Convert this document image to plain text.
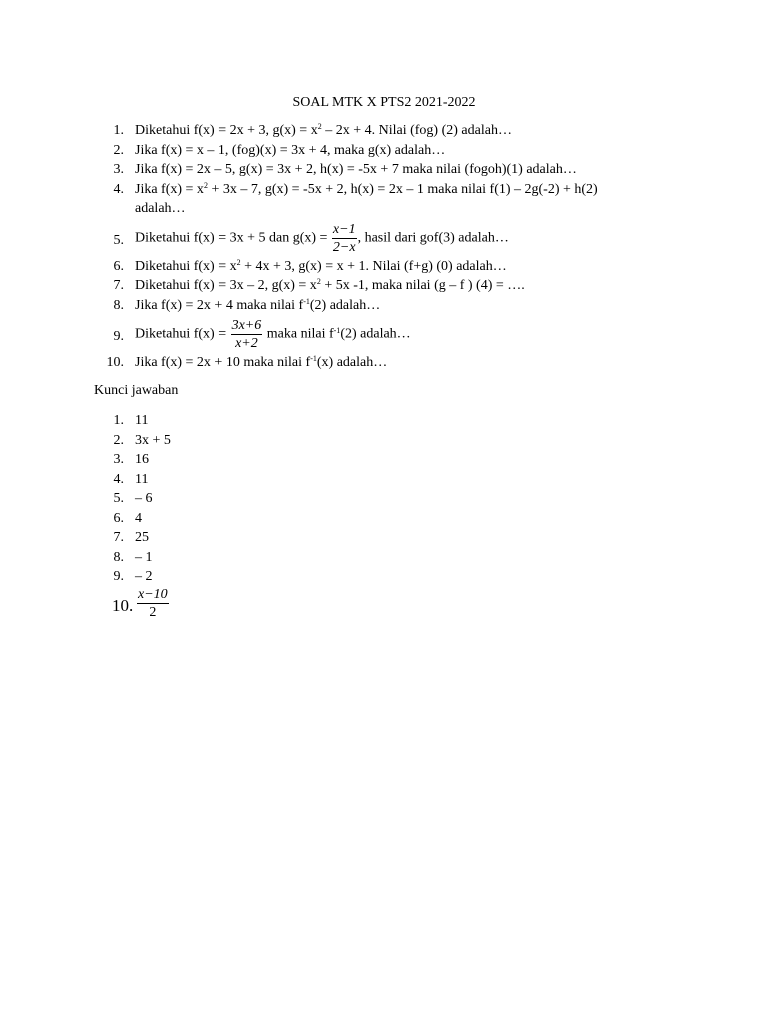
SOAL MTK X PTS2 2021-2022
1. Diketahui f(x) = 2x + 3, $g(x) = x^2 - 2x + 4$. Nilai (fog) (2) adalah…
2. Jika f(x) = x – 1, (fog)(x) = 3x + 4, maka g(x) adalah…
3. Jika f(x) = 2x – 5, g(x) = 3x + 2, h(x) = -5x + 7 maka nilai (fogoh)(1) adalah…
4. Jika $f(x) = x^2 + 3x - 7$, g(x) = -5x + 2, h(x) = 2x – 1 maka nilai f(1) – 2g(-2) + h(2)
adalah…
5. Diketahui f(x) = 3x + 5 dan $g(x) = \frac{x-1}{2-x}$ , hasil dari gof(3) adalah…
6. Diketahui $f(x) = x^2 + 4x + 3$, g(x) = x + 1. Nilai (f+g) (0) adalah…
7. Diketahui f(x) = 3x – 2, $g(x) = x^2 + 5x$ -1, maka nilai (g – f ) (4) = ….
8. Jika f(x) = 2x + 4 maka nilai $f^{-1}(2)$ adalah…
9. Diketahui $f(x) = \frac{3x+6}{x+2}$ maka nilai $f^{-1}(2)$ adalah…
10. Jika f(x) = 2x + 10 maka nilai $f^{-1}(x)$ adalah…
Kunci jawaban
1. 11
2. 3x + 5
3. 16
4. 11
5. – 6
6. 4
7. 25
8. – 1
9. – 2
10. $\frac{x-10}{2}$
